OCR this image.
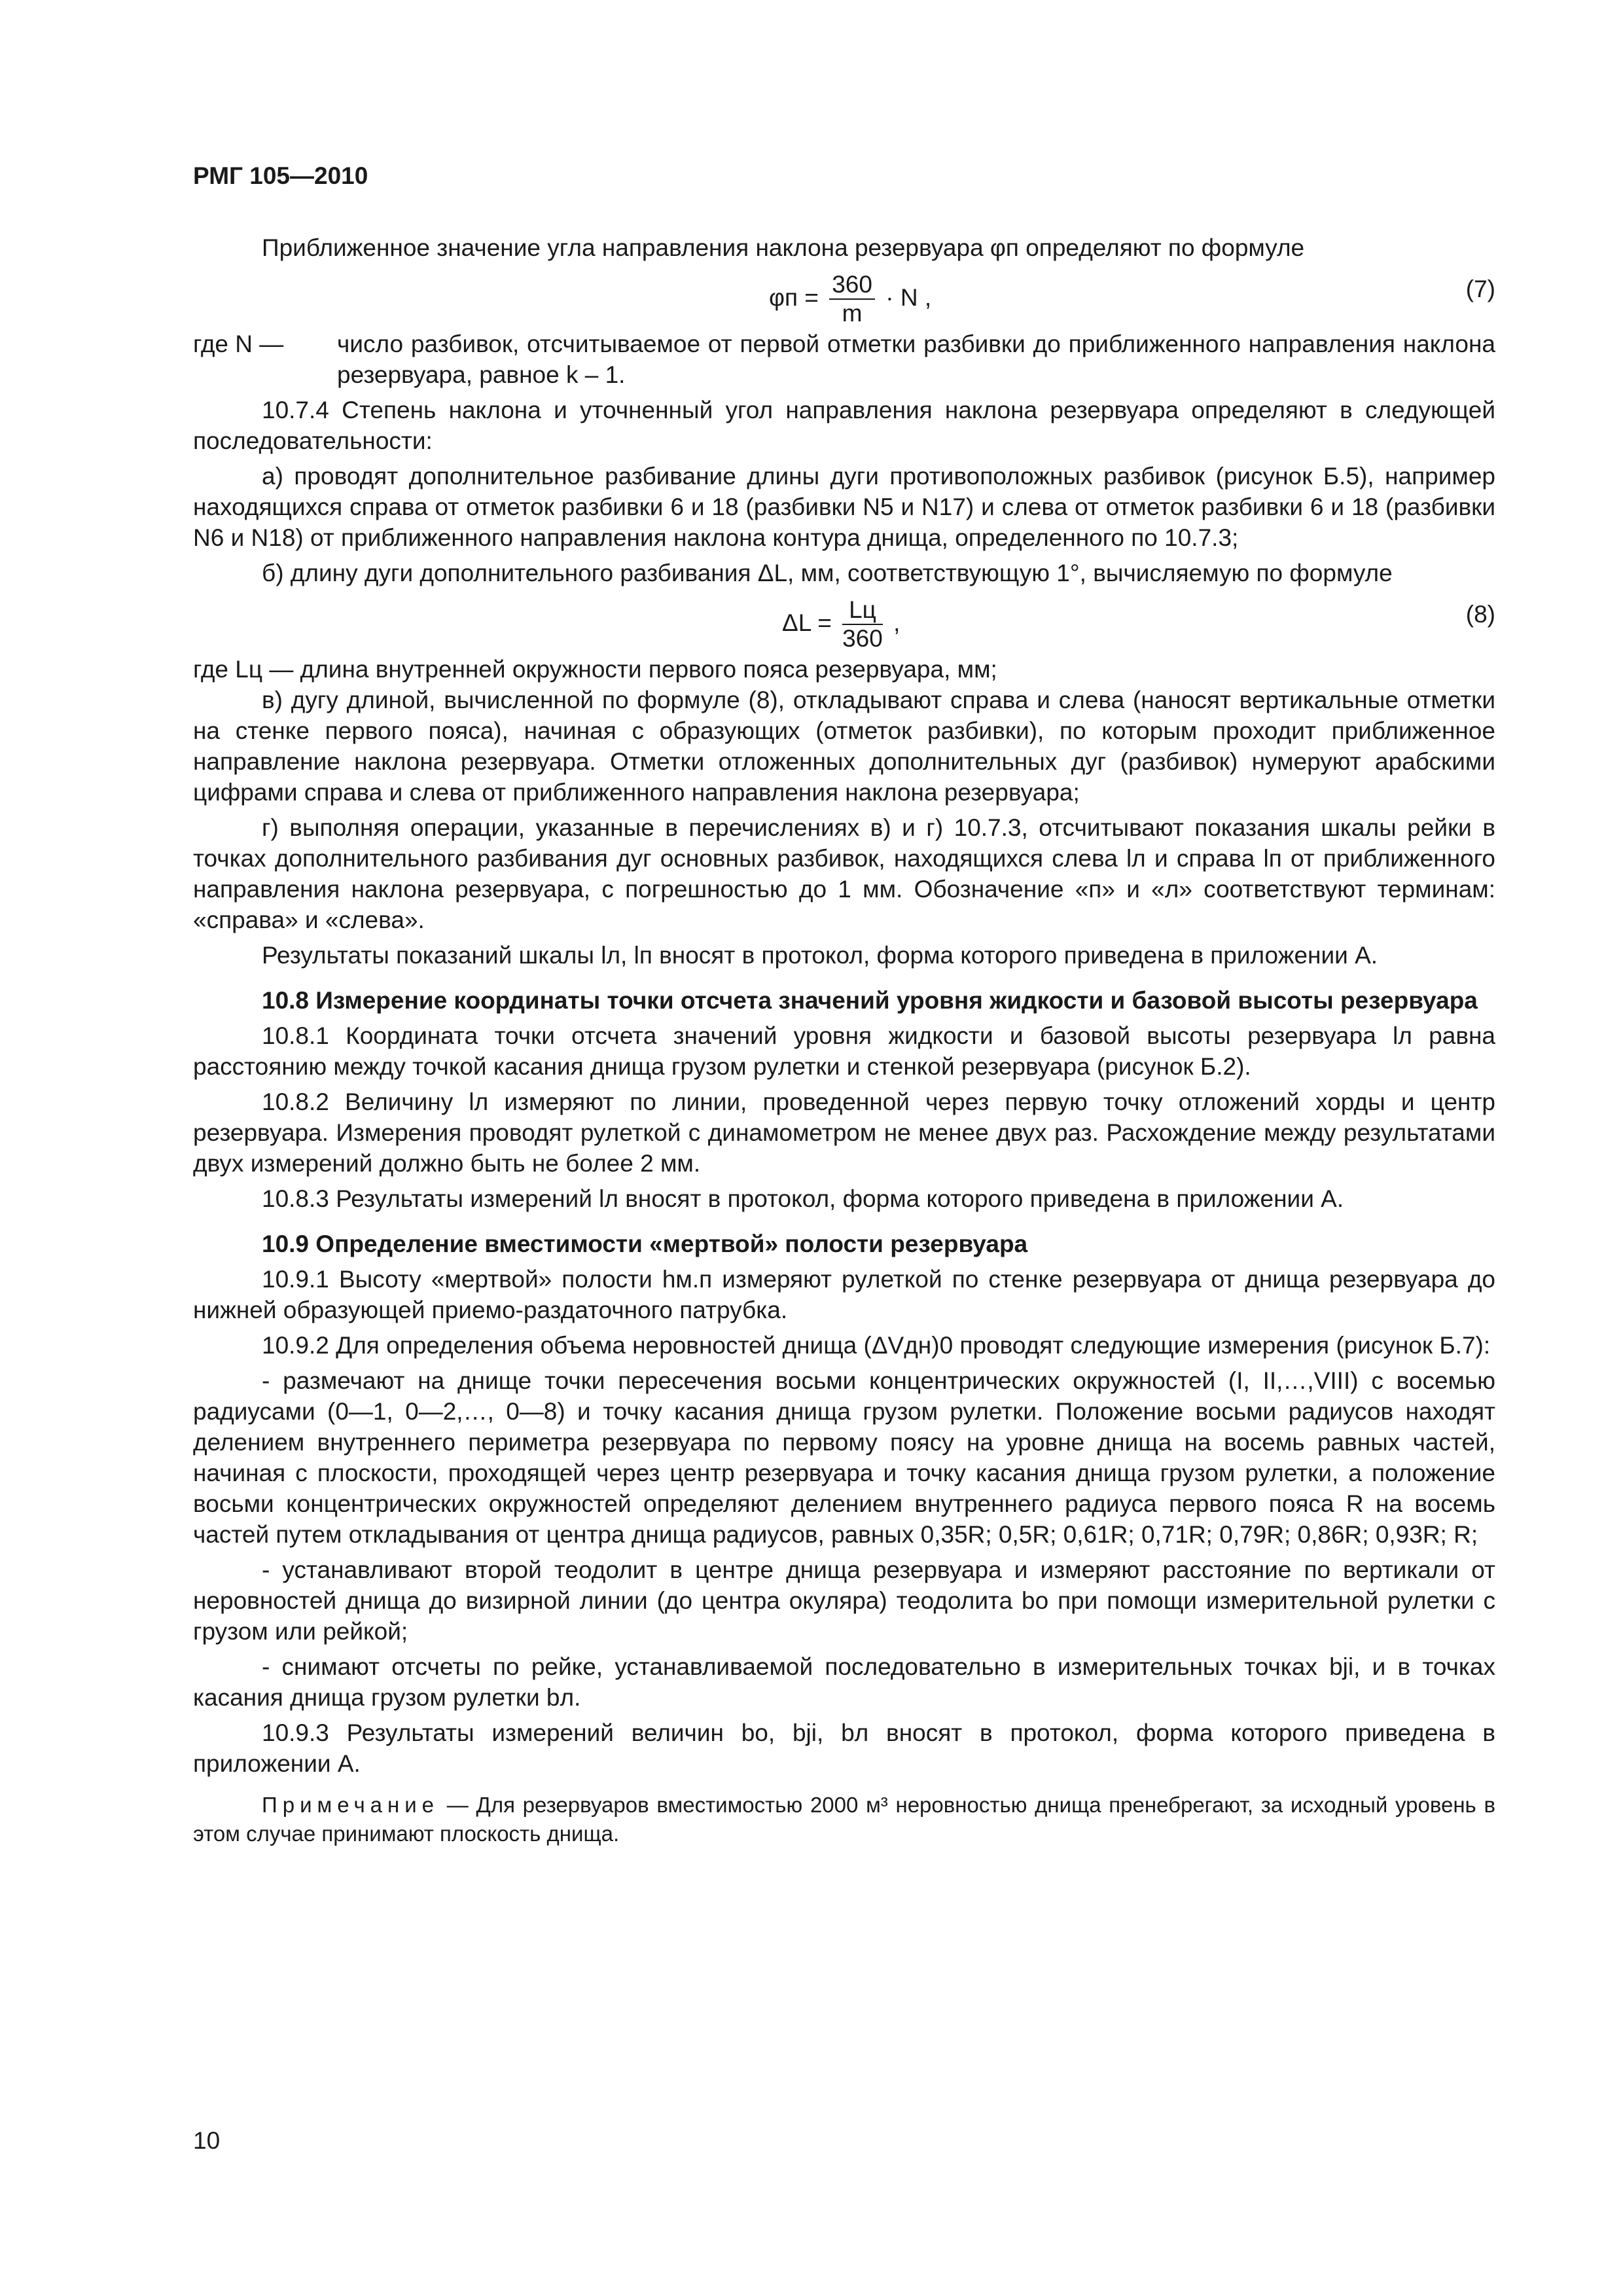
РМГ 105—2010

Приближенное значение угла направления наклона резервуара φп определяют по формуле

$\varphi п = \frac{360}{m} \cdot N$ ,	(7)
где N —	число разбивок, отсчитываемое от первой отметки разбивки до приближенного направления наклона резервуара, равное k – 1.

10.7.4 Степень наклона и уточненный угол направления наклона резервуара определяют в следующей последовательности:

а) проводят дополнительное разбивание длины дуги противоположных разбивок (рисунок Б.5), например находящихся справа от отметок разбивки 6 и 18 (разбивки N5 и N17) и слева от отметок разбивки 6 и 18 (разбивки N6 и N18) от приближенного направления наклона контура днища, определенного по 10.7.3;

б) длину дуги дополнительного разбивания ΔL, мм, соответствующую 1°, вычисляемую по формуле

$\Delta L = \frac{Lц}{360}$ ,	(8)

где Lц — длина внутренней окружности первого пояса резервуара, мм;

в) дугу длиной, вычисленной по формуле (8), откладывают справа и слева (наносят вертикальные отметки на стенке первого пояса), начиная с образующих (отметок разбивки), по которым проходит приближенное направление наклона резервуара. Отметки отложенных дополнительных дуг (разбивок) нумеруют арабскими цифрами справа и слева от приближенного направления наклона резервуара;

г) выполняя операции, указанные в перечислениях в) и г) 10.7.3, отсчитывают показания шкалы рейки в точках дополнительного разбивания дуг основных разбивок, находящихся слева lл и справа lп от приближенного направления наклона резервуара, с погрешностью до 1 мм. Обозначение «п» и «л» соответствуют терминам: «справа» и «слева».

Результаты показаний шкалы lл, lп вносят в протокол, форма которого приведена в приложении А.

10.8 Измерение координаты точки отсчета значений уровня жидкости и базовой высоты резервуара

10.8.1 Координата точки отсчета значений уровня жидкости и базовой высоты резервуара lл равна расстоянию между точкой касания днища грузом рулетки и стенкой резервуара (рисунок Б.2).

10.8.2 Величину lл измеряют по линии, проведенной через первую точку отложений хорды и центр резервуара. Измерения проводят рулеткой с динамометром не менее двух раз. Расхождение между результатами двух измерений должно быть не более 2 мм.

10.8.3 Результаты измерений lл вносят в протокол, форма которого приведена в приложении А.

10.9 Определение вместимости «мертвой» полости резервуара

10.9.1 Высоту «мертвой» полости hм.п измеряют рулеткой по стенке резервуара от днища резервуара до нижней образующей приемо-раздаточного патрубка.

10.9.2 Для определения объема неровностей днища (ΔVдн)0 проводят следующие измерения (рисунок Б.7):

- размечают на днище точки пересечения восьми концентрических окружностей (I, II,…,VIII) с восемью радиусами (0—1, 0—2,…, 0—8) и точку касания днища грузом рулетки. Положение восьми радиусов находят делением внутреннего периметра резервуара по первому поясу на уровне днища на восемь равных частей, начиная с плоскости, проходящей через центр резервуара и точку касания днища грузом рулетки, а положение восьми концентрических окружностей определяют делением внутреннего радиуса первого пояса R на восемь частей путем откладывания от центра днища радиусов, равных 0,35R; 0,5R; 0,61R; 0,71R; 0,79R; 0,86R; 0,93R; R;

- устанавливают второй теодолит в центре днища резервуара и измеряют расстояние по вертикали от неровностей днища до визирной линии (до центра окуляра) теодолита bо при помощи измерительной рулетки с грузом или рейкой;

- снимают отсчеты по рейке, устанавливаемой последовательно в измерительных точках bji, и в точках касания днища грузом рулетки bл.

10.9.3 Результаты измерений величин bо, bji, bл вносят в протокол, форма которого приведена в приложении А.

Примечание — Для резервуаров вместимостью 2000 м³ неровностью днища пренебрегают, за исходный уровень в этом случае принимают плоскость днища.

10
